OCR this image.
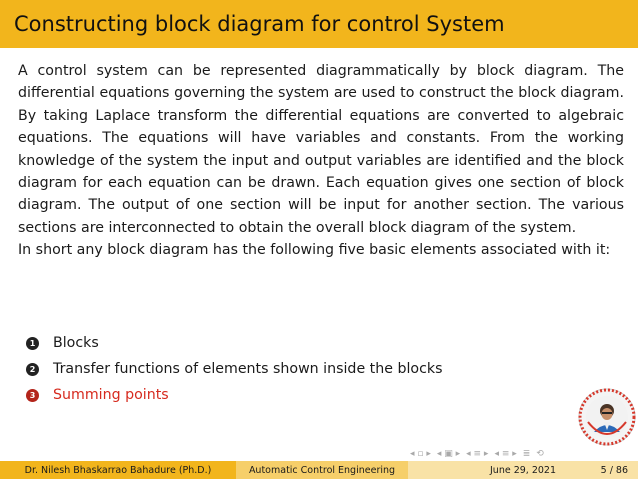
Constructing block diagram for control System

A control system can be represented diagrammatically by block diagram. The differential equations governing the system are used to construct the block diagram. By taking Laplace transform the differential equations are converted to algebraic equations. The equations will have variables and constants. From the working knowledge of the system the input and output variables are identified and the block diagram for each equation can be drawn. Each equation gives one section of block diagram. The output of one section will be input for another section. The various sections are interconnected to obtain the overall block diagram of the system.

In short any block diagram has the following five basic elements associated with it:

1 Blocks
2 Transfer functions of elements shown inside the blocks
3 Summing points
◂ ▫ ▸ ◂ ▣ ▸ ◂ ≡ ▸ ◂ ≡ ▸ ≣ ⟲
Dr. Nilesh Bhaskarrao Bahadure (Ph.D.)	Automatic Control Engineering	June 29, 2021	5 / 86
